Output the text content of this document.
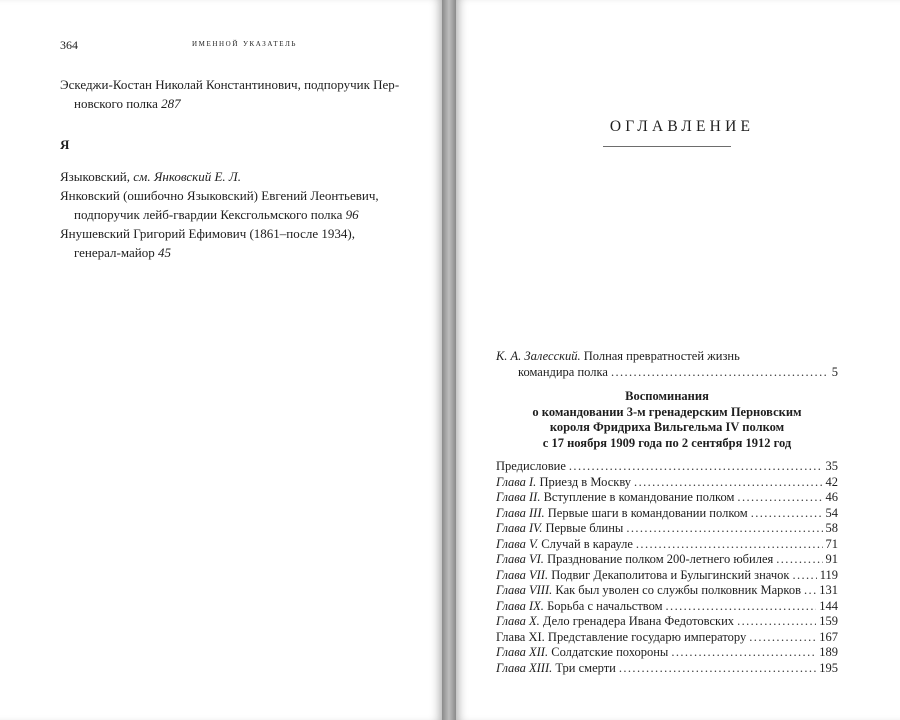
364	именной указатель

Эскеджи-Костан Николай Константинович, подпоручик Перновского полка 287

Я

Языковский, см. Янковский Е. Л.

Янковский (ошибочно Языковский) Евгений Леонтьевич, подпоручик лейб-гвардии Кексгольмского полка 96

Янушевский Григорий Ефимович (1861–после 1934), генерал-майор 45

ОГЛАВЛЕНИЕ
К. А. Залесский. Полная превратностей жизнь
командира полка .....	5
Воспоминания
о командовании 3-м гренадерским Перновским
короля Фридриха Вильгельма IV полком
с 17 ноября 1909 года по 2 сентября 1912 год
Предисловие .....	35
Глава I. Приезд в Москву .....	42
Глава II. Вступление в командование полком .....	46
Глава III. Первые шаги в командовании полком .....	54
Глава IV. Первые блины .....	58
Глава V. Случай в карауле .....	71
Глава VI. Празднование полком 200-летнего юбилея .....	91
Глава VII. Подвиг Декаполитова и Булыгинский значок ..... 119
Глава VIII. Как был уволен со службы полковник Марков ..... 131
Глава IX. Борьба с начальством .....	144
Глава X. Дело гренадера Ивана Федотовских .....	159
Глава XI. Представление государю императору .....	167
Глава XII. Солдатские похороны .....	189
Глава XIII. Три смерти .....	195
